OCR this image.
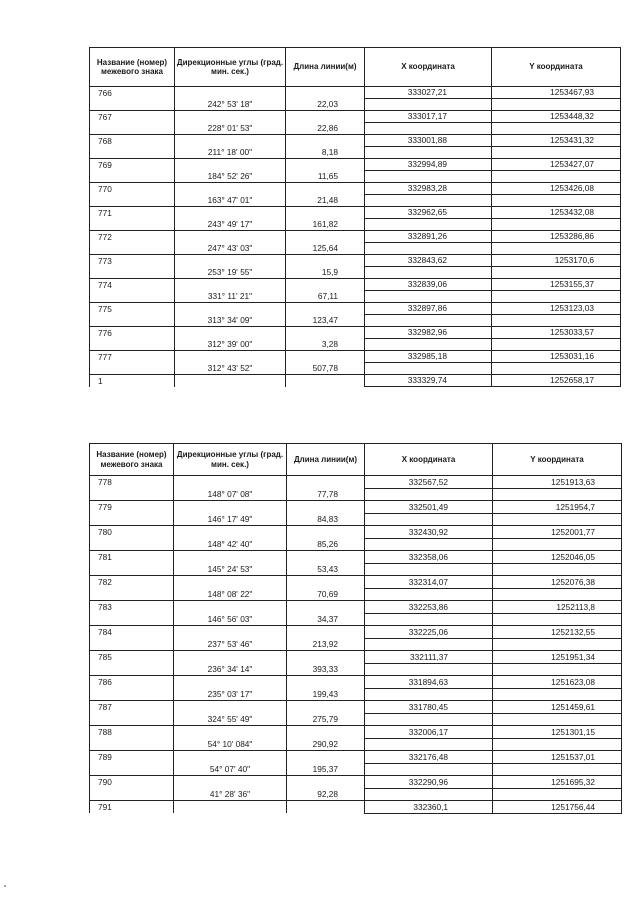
Название (номер) межевого знака	Дирекционные углы (град. мин. сек.)	Длина линии(м)	Х координата	Y координата
766			333027,21	1253467,93
	242° 53' 18"	22,03		
767			333017,17	1253448,32
	228° 01' 53"	22,86		
768			333001,88	1253431,32
	211° 18' 00"	8,18		
769			332994,89	1253427,07
	184° 52' 26"	11,65		
770			332983,28	1253426,08
	163° 47' 01"	21,48		
771			332962,65	1253432,08
	243° 49' 17"	161,82		
772			332891,26	1253286,86
	247° 43' 03"	125,64		
773			332843,62	1253170,6
	253° 19' 55"	15,9		
774			332839,06	1253155,37
	331° 11' 21"	67,11		
775			332897,86	1253123,03
	313° 34' 09"	123,47		
776			332982,96	1253033,57
	312° 39' 00"	3,28		
777			332985,18	1253031,16
	312° 43' 52"	507,78		
1			333329,74	1252658,17
Название (номер) межевого знака	Дирекционные углы (град. мин. сек.)	Длина линии(м)	Х координата	Y координата
778			332567,52	1251913,63
	148° 07' 08"	77,78		
779			332501,49	1251954,7
	146° 17' 49"	84,83		
780			332430,92	1252001,77
	148° 42' 40"	85,26		
781			332358,06	1252046,05
	145° 24' 53"	53,43		
782			332314,07	1252076,38
	148° 08' 22"	70,69		
783			332253,86	1252113,8
	146° 56' 03"	34,37		
784			332225,06	1252132,55
	237° 53' 46"	213,92		
785			332111,37	1251951,34
	236° 34' 14"	393,33		
786			331894,63	1251623,08
	235° 03' 17"	199,43		
787			331780,45	1251459,61
	324° 55' 49"	275,79		
788			332006,17	1251301,15
	54° 10' 084"	290,92		
789			332176,48	1251537,01
	54° 07' 40"	195,37		
790			332290,96	1251695,32
	41° 28' 36"	92,28		
791			332360,1	1251756,44
